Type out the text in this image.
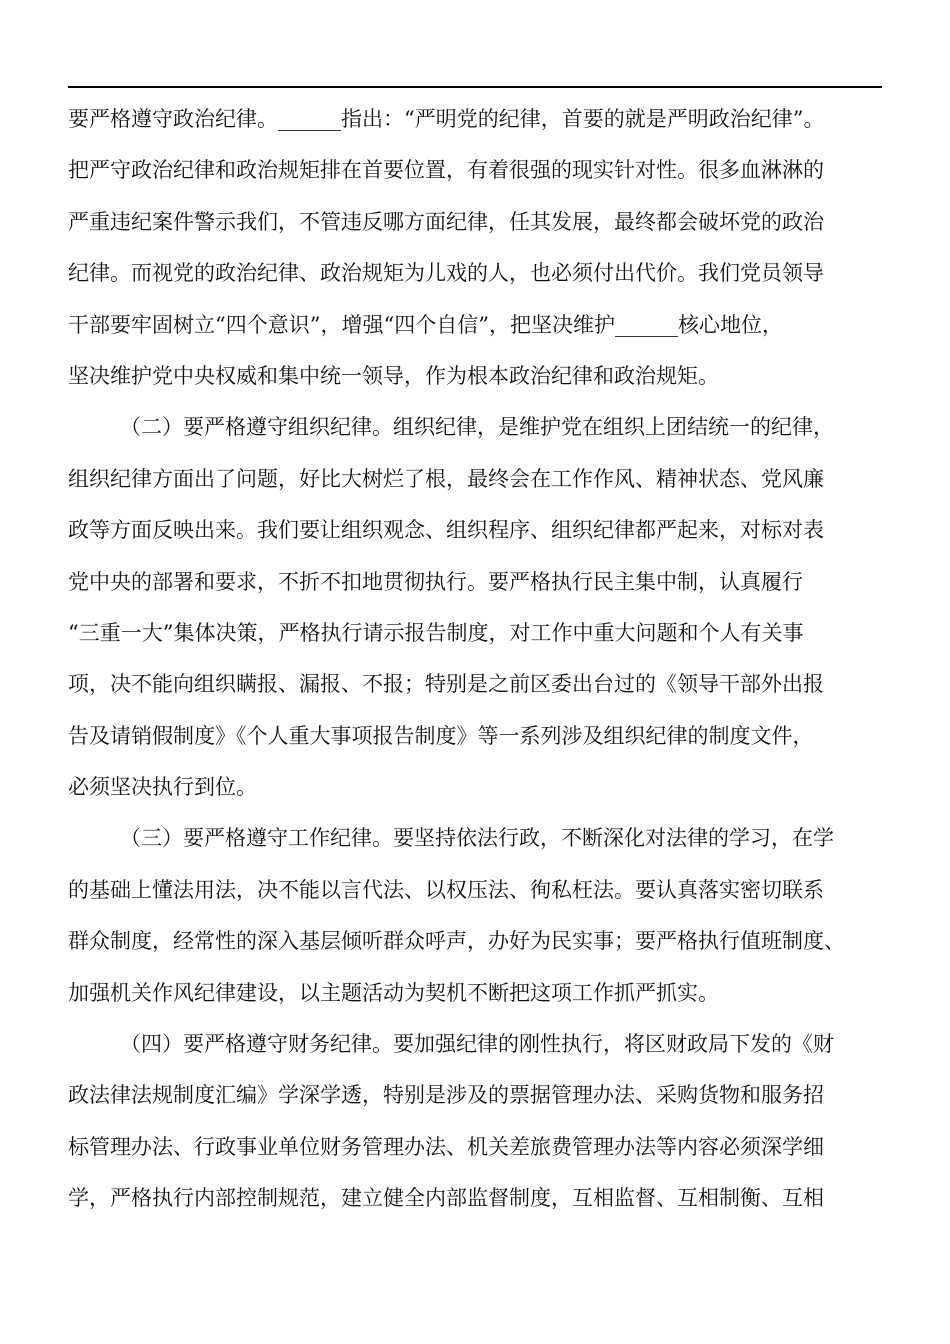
要严格遵守政治纪律。______指出：“严明党的纪律，首要的就是严明政治纪律”。
把严守政治纪律和政治规矩排在首要位置，有着很强的现实针对性。很多血淋淋的
严重违纪案件警示我们，不管违反哪方面纪律，任其发展，最终都会破坏党的政治
纪律。而视党的政治纪律、政治规矩为儿戏的人，也必须付出代价。我们党员领导
干部要牢固树立“四个意识”，增强“四个自信”，把坚决维护______核心地位，
坚决维护党中央权威和集中统一领导，作为根本政治纪律和政治规矩。
（二）要严格遵守组织纪律。组织纪律，是维护党在组织上团结统一的纪律，
组织纪律方面出了问题，好比大树烂了根，最终会在工作作风、精神状态、党风廉
政等方面反映出来。我们要让组织观念、组织程序、组织纪律都严起来，对标对表
党中央的部署和要求，不折不扣地贯彻执行。要严格执行民主集中制，认真履行
“三重一大”集体决策，严格执行请示报告制度，对工作中重大问题和个人有关事
项，决不能向组织瞒报、漏报、不报；特别是之前区委出台过的《领导干部外出报
告及请销假制度》《个人重大事项报告制度》等一系列涉及组织纪律的制度文件，
必须坚决执行到位。
（三）要严格遵守工作纪律。要坚持依法行政，不断深化对法律的学习，在学
的基础上懂法用法，决不能以言代法、以权压法、徇私枉法。要认真落实密切联系
群众制度，经常性的深入基层倾听群众呼声，办好为民实事；要严格执行值班制度、
加强机关作风纪律建设，以主题活动为契机不断把这项工作抓严抓实。
（四）要严格遵守财务纪律。要加强纪律的刚性执行，将区财政局下发的《财
政法律法规制度汇编》学深学透，特别是涉及的票据管理办法、采购货物和服务招
标管理办法、行政事业单位财务管理办法、机关差旅费管理办法等内容必须深学细
学，严格执行内部控制规范，建立健全内部监督制度，互相监督、互相制衡、互相
